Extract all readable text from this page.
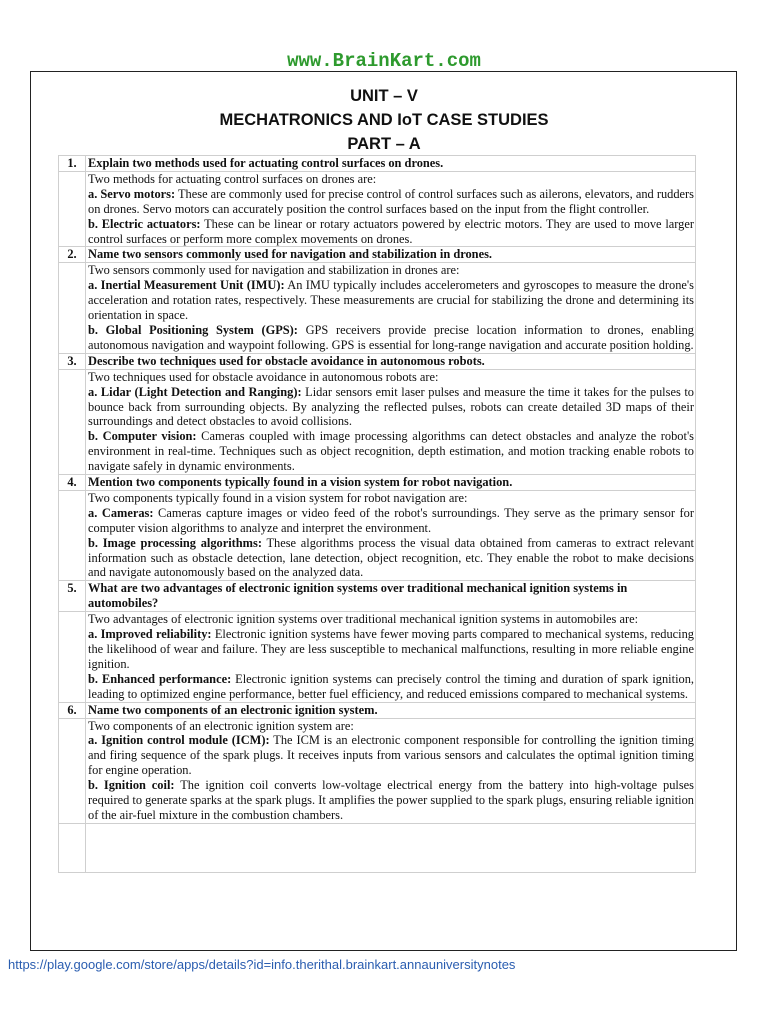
www.BrainKart.com
UNIT – V
MECHATRONICS AND IoT CASE STUDIES
PART – A
1.	Explain two methods used for actuating control surfaces on drones.

	Two methods for actuating control surfaces on drones are:

a. Servo motors: These are commonly used for precise control of control surfaces such as ailerons, elevators, and rudders on drones. Servo motors can accurately position the control surfaces based on the input from the flight controller.

b. Electric actuators: These can be linear or rotary actuators powered by electric motors. They are used to move larger control surfaces or perform more complex movements on drones.

2.	Name two sensors commonly used for navigation and stabilization in drones.

	Two sensors commonly used for navigation and stabilization in drones are:

a. Inertial Measurement Unit (IMU): An IMU typically includes accelerometers and gyroscopes to measure the drone's acceleration and rotation rates, respectively. These measurements are crucial for stabilizing the drone and determining its orientation in space.

b. Global Positioning System (GPS): GPS receivers provide precise location information to drones, enabling autonomous navigation and waypoint following. GPS is essential for long-range navigation and accurate position holding.

3.	Describe two techniques used for obstacle avoidance in autonomous robots.

	Two techniques used for obstacle avoidance in autonomous robots are:

a. Lidar (Light Detection and Ranging): Lidar sensors emit laser pulses and measure the time it takes for the pulses to bounce back from surrounding objects. By analyzing the reflected pulses, robots can create detailed 3D maps of their surroundings and detect obstacles to avoid collisions.

b. Computer vision: Cameras coupled with image processing algorithms can detect obstacles and analyze the robot's environment in real-time. Techniques such as object recognition, depth estimation, and motion tracking enable robots to navigate safely in dynamic environments.

4.	Mention two components typically found in a vision system for robot navigation.

	Two components typically found in a vision system for robot navigation are:

a. Cameras: Cameras capture images or video feed of the robot's surroundings. They serve as the primary sensor for computer vision algorithms to analyze and interpret the environment.

b. Image processing algorithms: These algorithms process the visual data obtained from cameras to extract relevant information such as obstacle detection, lane detection, object recognition, etc. They enable the robot to make decisions and navigate autonomously based on the analyzed data.

5.	What are two advantages of electronic ignition systems over traditional mechanical ignition systems in automobiles?

	Two advantages of electronic ignition systems over traditional mechanical ignition systems in automobiles are:

a. Improved reliability: Electronic ignition systems have fewer moving parts compared to mechanical systems, reducing the likelihood of wear and failure. They are less susceptible to mechanical malfunctions, resulting in more reliable engine ignition.

b. Enhanced performance: Electronic ignition systems can precisely control the timing and duration of spark ignition, leading to optimized engine performance, better fuel efficiency, and reduced emissions compared to mechanical systems.

6.	Name two components of an electronic ignition system.

	Two components of an electronic ignition system are:

a. Ignition control module (ICM): The ICM is an electronic component responsible for controlling the ignition timing and firing sequence of the spark plugs. It receives inputs from various sensors and calculates the optimal ignition timing for engine operation.

b. Ignition coil: The ignition coil converts low-voltage electrical energy from the battery into high-voltage pulses required to generate sparks at the spark plugs. It amplifies the power supplied to the spark plugs, ensuring reliable ignition of the air-fuel mixture in the combustion chambers.

https://play.google.com/store/apps/details?id=info.therithal.brainkart.annauniversitynotes
